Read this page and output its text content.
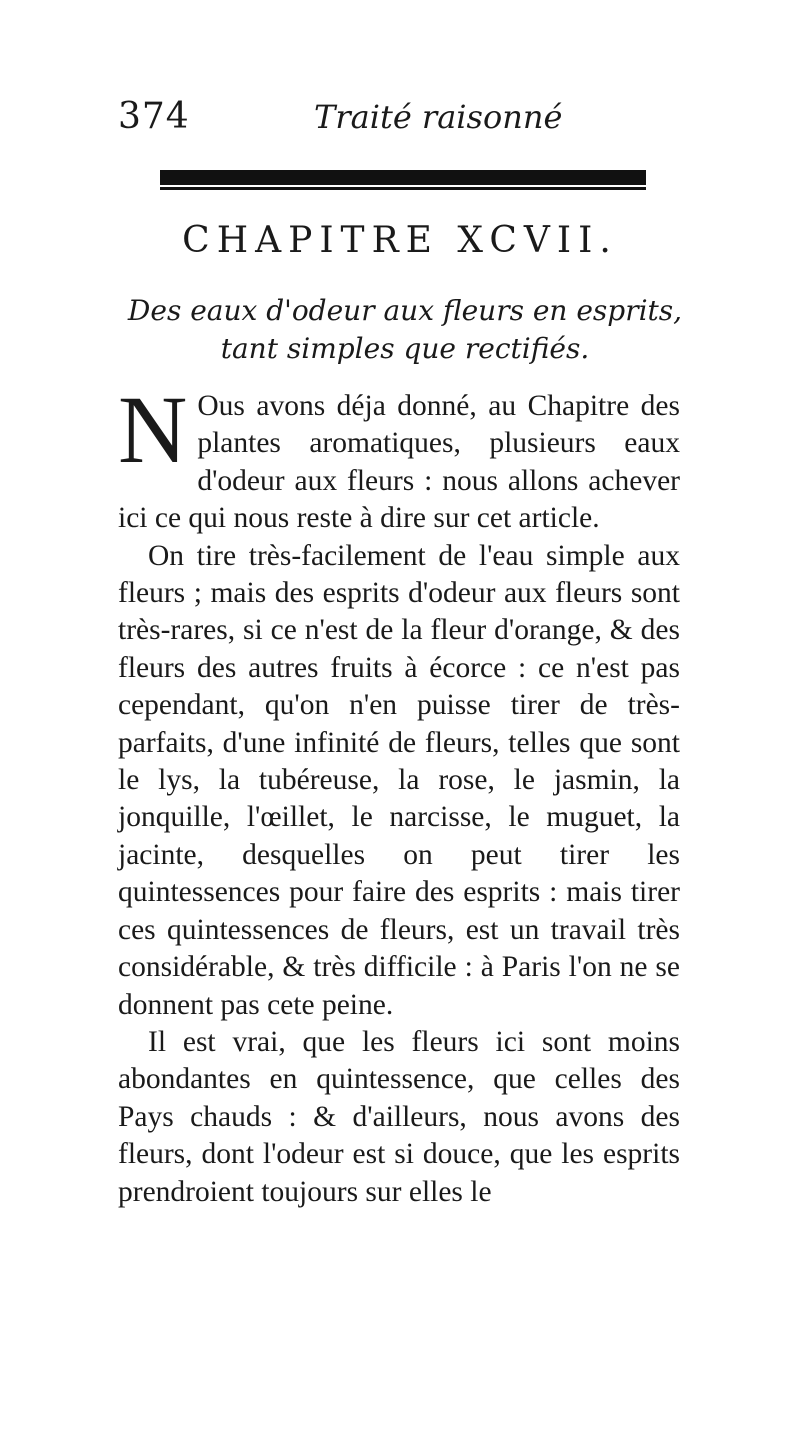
374	Traité raisonné
CHAPITRE XCVII.
Des eaux d'odeur aux fleurs en esprits, tant simples que rectifiés.

N Ous avons déja donné, au Chapitre des plantes aromatiques, plusieurs eaux d'odeur aux fleurs : nous allons achever ici ce qui nous reste à dire sur cet article.

On tire très-facilement de l'eau simple aux fleurs ; mais des esprits d'odeur aux fleurs sont très-rares, si ce n'est de la fleur d'orange, & des fleurs des autres fruits à écorce : ce n'est pas cependant, qu'on n'en puisse tirer de très-parfaits, d'une infinité de fleurs, telles que sont le lys, la tubéreuse, la rose, le jasmin, la jonquille, l'œillet, le narcisse, le muguet, la jacinte, desquelles on peut tirer les quintessences pour faire des esprits : mais tirer ces quintessences de fleurs, est un travail très considérable, & très difficile : à Paris l'on ne se donnent pas cete peine.

Il est vrai, que les fleurs ici sont moins abondantes en quintessence, que celles des Pays chauds : & d'ailleurs, nous avons des fleurs, dont l'odeur est si douce, que les esprits prendroient toujours sur elles le
